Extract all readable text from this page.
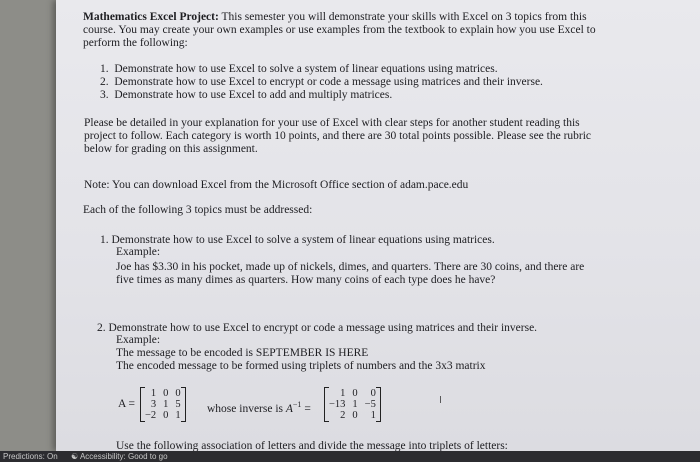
Mathematics Excel Project: This semester you will demonstrate your skills with Excel on 3 topics from this
course. You may create your own examples or use examples from the textbook to explain how you use Excel to
perform the following:
1. Demonstrate how to use Excel to solve a system of linear equations using matrices.
2. Demonstrate how to use Excel to encrypt or code a message using matrices and their inverse.
3. Demonstrate how to use Excel to add and multiply matrices.
Please be detailed in your explanation for your use of Excel with clear steps for another student reading this
project to follow. Each category is worth 10 points, and there are 30 total points possible. Please see the rubric
below for grading on this assignment.
Note: You can download Excel from the Microsoft Office section of adam.pace.edu
Each of the following 3 topics must be addressed:
1. Demonstrate how to use Excel to solve a system of linear equations using matrices.
Example:
Joe has $3.30 in his pocket, made up of nickels, dimes, and quarters. There are 30 coins, and there are
five times as many dimes as quarters. How many coins of each type does he have?
2. Demonstrate how to use Excel to encrypt or code a message using matrices and their inverse.
Example:
The message to be encoded is SEPTEMBER IS HERE
The encoded message to be formed using triplets of numbers and the 3x3 matrix
A =
1 0 0
3 1 5
−2 0 1
whose inverse is $A^{-1}$ =
1 0	0
−13 1 −5
2 0	1
I
Use the following association of letters and divide the message into triplets of letters:
Predictions: On ☯ Accessibility: Good to go
